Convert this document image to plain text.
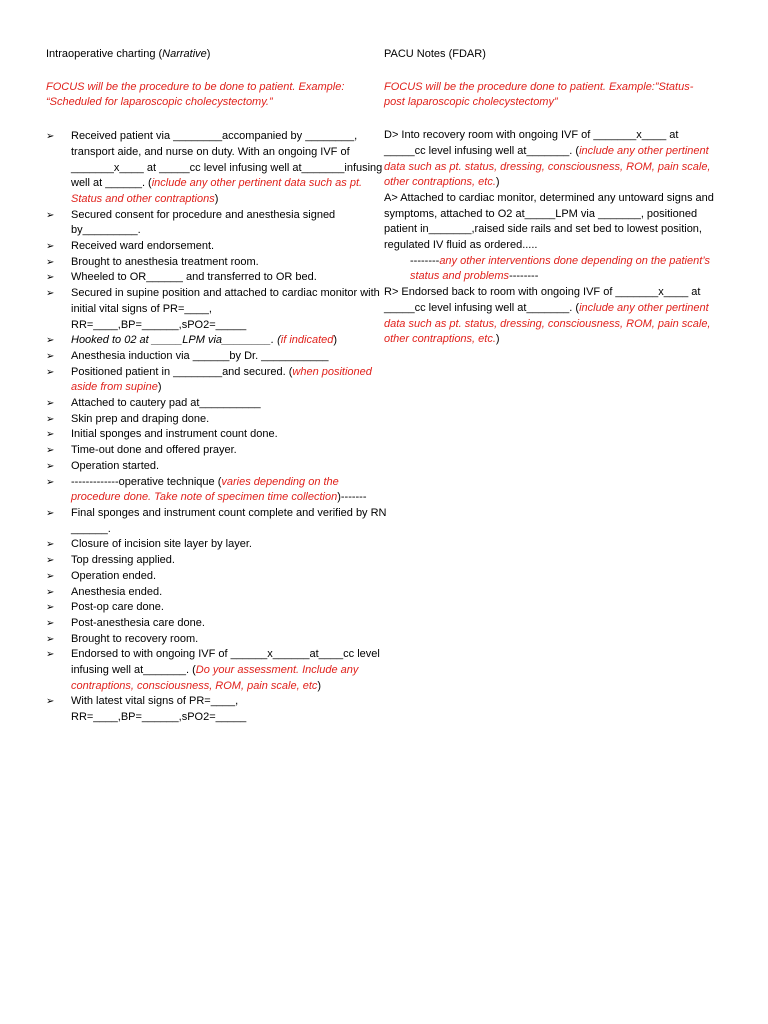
Intraoperative charting (Narrative)

FOCUS will be the procedure to be done to patient. Example:
“Scheduled for laparoscopic cholecystectomy.”
➢ Received patient via ________accompanied by ________, transport aide, and nurse on duty. With an ongoing IVF of _______x____ at _____cc level infusing well at_______infusing well at ______. (include any other pertinent data such as pt. Status and other contraptions)
➢ Secured consent for procedure and anesthesia signed by_________.
➢ Received ward endorsement.
➢ Brought to anesthesia treatment room.
➢ Wheeled to OR______ and transferred to OR bed.
➢ Secured in supine position and attached to cardiac monitor with initial vital signs of PR=____, RR=____,BP=______,sPO2=_____
➢ Hooked to 02 at _____LPM via________. (if indicated)
➢ Anesthesia induction via ______by Dr. ___________
➢ Positioned patient in ________and secured. (when positioned aside from supine)
➢ Attached to cautery pad at__________
➢ Skin prep and draping done.
➢ Initial sponges and instrument count done.
➢ Time-out done and offered prayer.
➢ Operation started.
➢ -------------operative technique (varies depending on the procedure done. Take note of specimen time collection)-------
➢ Final sponges and instrument count complete and verified by RN ______.
➢ Closure of incision site layer by layer.
➢ Top dressing applied.
➢ Operation ended.
➢ Anesthesia ended.
➢ Post-op care done.
➢ Post-anesthesia care done.
➢ Brought to recovery room.
➢ Endorsed to with ongoing IVF of ______x______at____cc level infusing well at_______. (Do your assessment. Include any contraptions, consciousness, ROM, pain scale, etc)
➢ With latest vital signs of PR=____, RR=____,BP=______,sPO2=_____

PACU Notes (FDAR)

FOCUS will be the procedure done to patient. Example:”Status-
post laparoscopic cholecystectomy”

D> Into recovery room with ongoing IVF of _______x____ at _____cc level infusing well at_______. (include any other pertinent data such as pt. status, dressing, consciousness, ROM, pain scale, other contraptions, etc.)

A> Attached to cardiac monitor, determined any untoward signs and symptoms, attached to O2 at_____LPM via _______, positioned patient in_______,raised side rails and set bed to lowest position, regulated IV fluid as ordered.....

--------any other interventions done depending on the patient’s status and problems--------

R> Endorsed back to room with ongoing IVF of _______x____ at _____cc level infusing well at_______. (include any other pertinent data such as pt. status, dressing, consciousness, ROM, pain scale, other contraptions, etc.)
